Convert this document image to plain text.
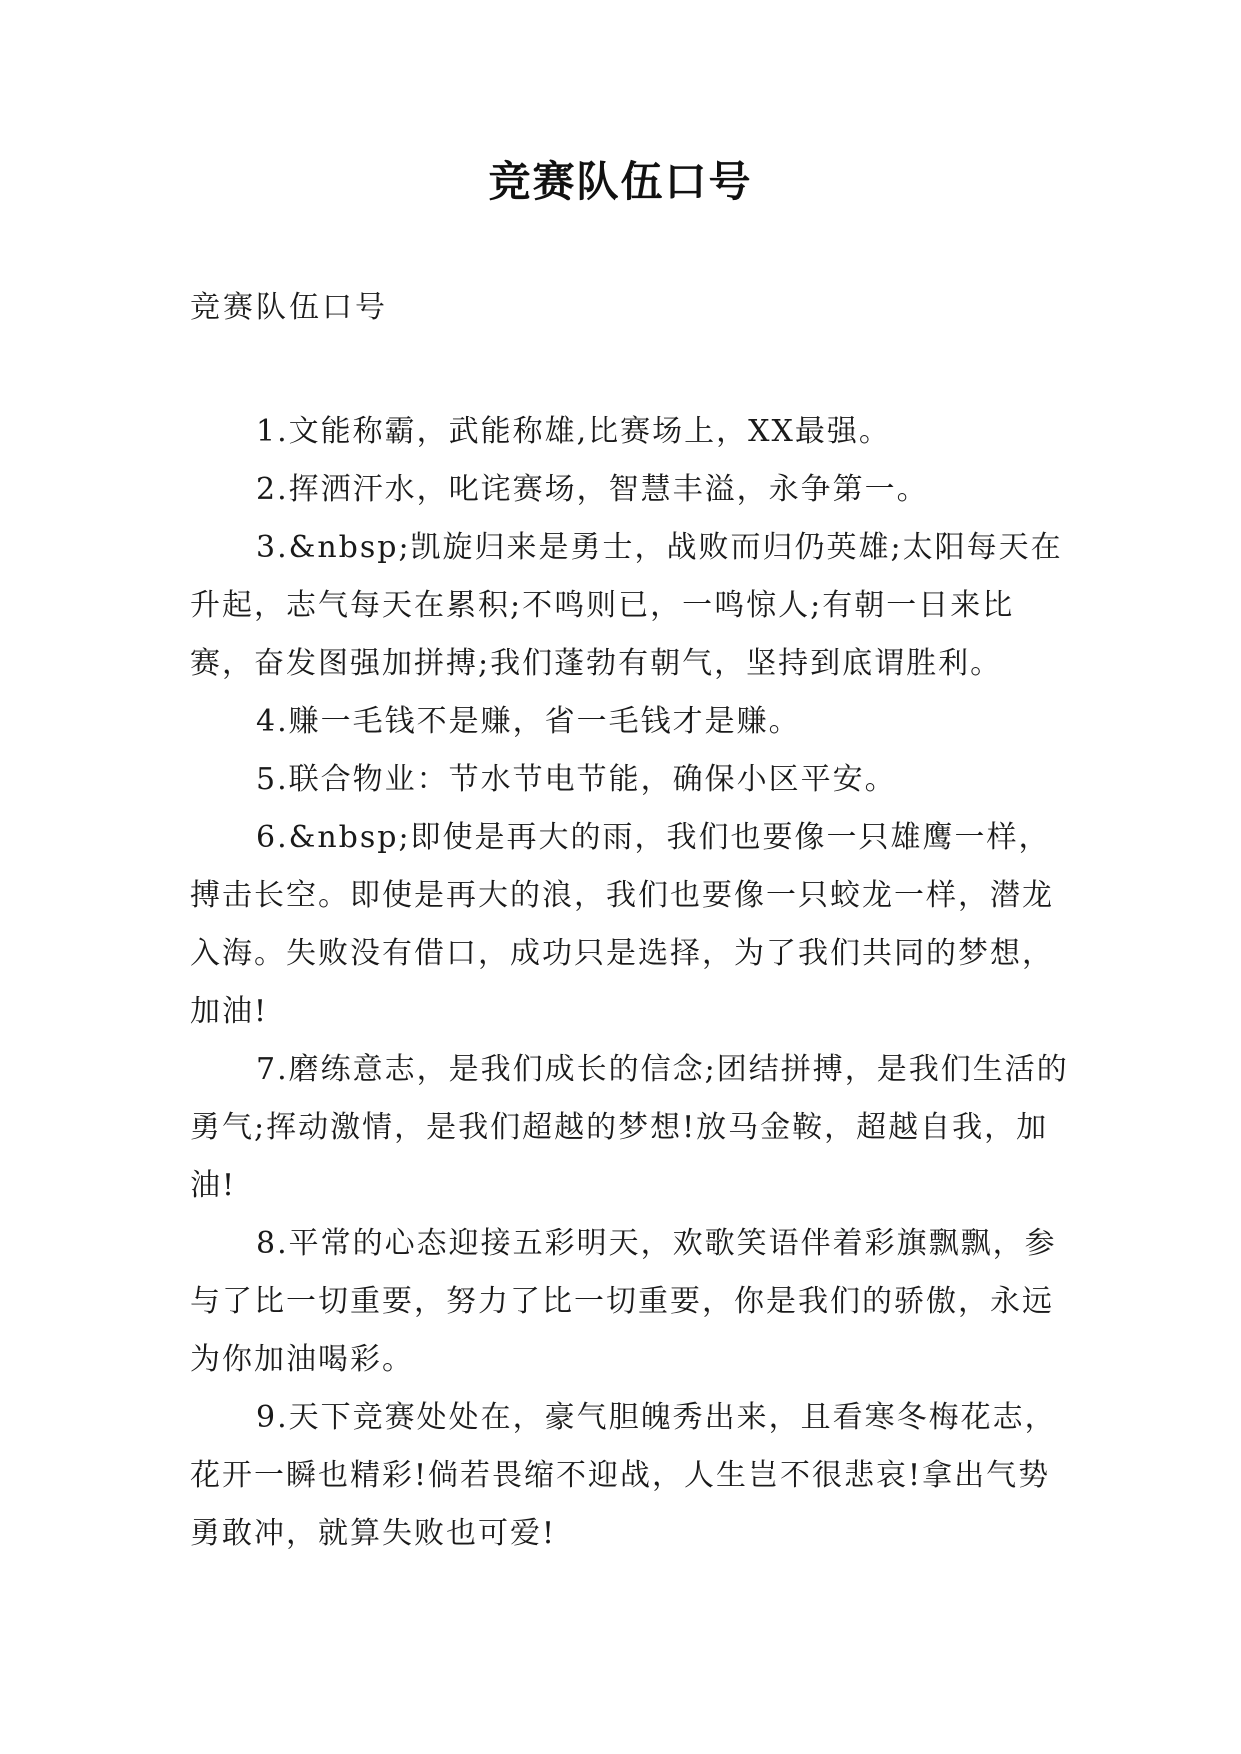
竞赛队伍口号
竞赛队伍口号

1.文能称霸，武能称雄,比赛场上，XX最强。

2.挥洒汗水，叱诧赛场，智慧丰溢，永争第一。

3.&nbsp;凯旋归来是勇士，战败而归仍英雄;太阳每天在升起，志气每天在累积;不鸣则已，一鸣惊人;有朝一日来比赛，奋发图强加拼搏;我们蓬勃有朝气，坚持到底谓胜利。

4.赚一毛钱不是赚，省一毛钱才是赚。

5.联合物业：节水节电节能，确保小区平安。

6.&nbsp;即使是再大的雨，我们也要像一只雄鹰一样，搏击长空。即使是再大的浪，我们也要像一只蛟龙一样，潜龙入海。失败没有借口，成功只是选择，为了我们共同的梦想，加油!

7.磨练意志，是我们成长的信念;团结拼搏，是我们生活的勇气;挥动激情，是我们超越的梦想!放马金鞍，超越自我，加油!

8.平常的心态迎接五彩明天，欢歌笑语伴着彩旗飘飘，参与了比一切重要，努力了比一切重要，你是我们的骄傲，永远为你加油喝彩。

9.天下竞赛处处在，豪气胆魄秀出来，且看寒冬梅花志，花开一瞬也精彩!倘若畏缩不迎战，人生岂不很悲哀!拿出气势勇敢冲，就算失败也可爱!
